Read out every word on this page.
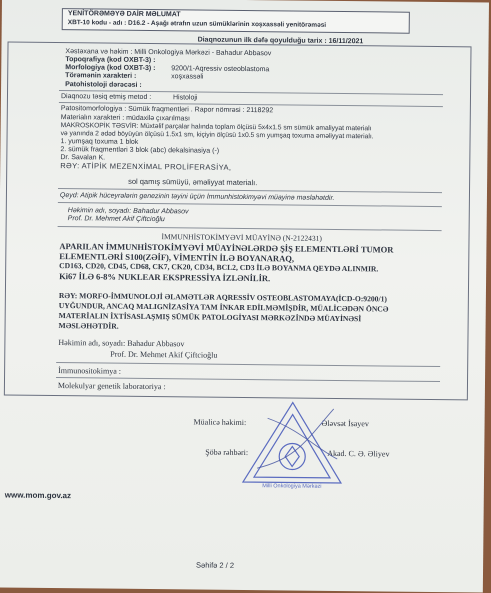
YENİTÖRƏMƏYƏ DAİR MƏLUMAT
XBT-10 kodu - adı : D16.2 - Aşağı ətrafın uzun sümüklərinin xoşxassəli yenitörəməsi
Diaqnozunun ilk dəfə qoyulduğu tarix : 16/11/2021
Xəstəxana və həkim : Milli Onkologiya Mərkəzi - Bahadur Abbasov
Topoqrafiya (kod OXBT-3) :
Morfologiya (kod OXBT-3) : 9200/1-Aqressiv osteoblastoma
Törəmənin xarakteri :	xoşxassəli
Patohistoloji dərəcəsi :
Diaqnozu təsiq etmiş metod :	Histoloji
Patositomorfologiya : Sümük fraqmentləri . Rapor nömrəsi : 2118292
Materialın xarakteri : müdaxilə çıxarılması
MAKROSKOPİK TƏSVİR: Müxtəlif parçalar halında toplam ölçüsü 5x4x1.5 sm sümük əmaliyyat materialı
və yanında 2 ədəd böyüyün ölçüsü 1.5x1 sm, kiçiyin ölçüsü 1x0.5 sm yumşaq toxuma əməliyyat materialı.
1. yumşaq toxuma 1 blok
2. sümük fraqmentləri 3 blok (abc) dekalsinasiya (-)
Dr. Savalan K.
RƏY: ATİPİK MEZENXİMAL PROLİFERASİYA,
sol qamış sümüyü, əməliyyat materialı.
Qeyd: Atipik hüceyrələrin genezinin təyini üçün İmmunhistokimyəvi müayinə məsləhətdir.
Həkimin adı, soyadı: Bahadur Abbasov
Prof. Dr. Mehmet Akif Çiftcioğlu
İMMUNHİSTOKİMYƏVİ MÜAYİNƏ (N-2122431)
APARILAN İMMUNHİSTOKİMYƏVİ MÜAYİNƏLƏRDƏ ŞİŞ ELEMENTLƏRİ TUMOR
ELEMENTLƏRİ S100(ZƏİF), VİMENTİN İLƏ BOYANARAQ,
CD163, CD20, CD45, CD68, CK7, CK20, CD34, BCL2, CD3 İLƏ BOYANMA QEYDƏ ALINMIR.
Ki67 İLƏ 6-8% NUKLEAR EKSPRESSİYA İZLƏNİLİR.
RƏY: MORFO-İMMUNOLOJİ ƏLAMƏTLƏR AQRESSİV OSTEOBLASTOMAYA(İCD-O:9200/1)
UYĞUNDUR, ANCAQ MALIGNİZASİYA TAM İNKAR EDİLMƏMİŞDİR, MÜALİCƏDƏN ÖNCƏ
MATERİALIN İXTİSASLAŞMIŞ SÜMÜK PATOLOGİYASI MƏRKƏZİNDƏ MÜAYİNƏSİ
MƏSLƏHƏTDİR.
Həkimin adı, soyadı: Bahadur Abbasov
Prof. Dr. Mehmet Akif Çiftcioğlu
İmmunositokimya :
Molekulyar genetik laboratoriya :
Müalicə həkimi:	Ələvsət İsayev
Şöbə rəhbəri:	Akad. C. Ə. Əliyev
Milli Onkologiya Mərkəzi
www.mom.gov.az
Səhifə 2 / 2
